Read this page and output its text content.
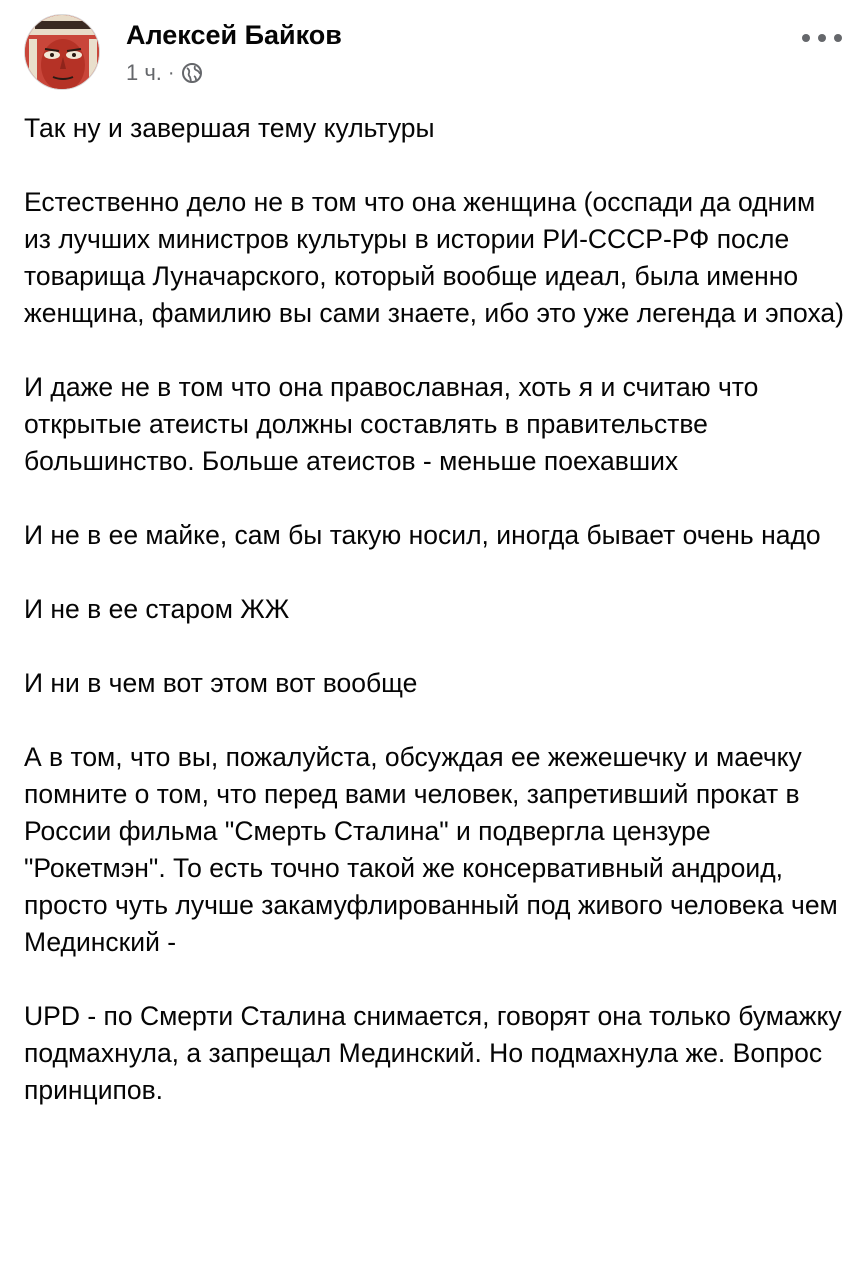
Алексей Байков
1 ч. ·

Так ну и завершая тему культуры

Естественно дело не в том что она женщина (осспади да одним из лучших министров культуры в истории РИ-СССР-РФ после товарища Луначарского, который вообще идеал, была именно женщина, фамилию вы сами знаете, ибо это уже легенда и эпоха)

И даже не в том что она православная, хоть я и считаю что открытые атеисты должны составлять в правительстве большинство. Больше атеистов - меньше поехавших

И не в ее майке, сам бы такую носил, иногда бывает очень надо

И не в ее старом ЖЖ

И ни в чем вот этом вот вообще

А в том, что вы, пожалуйста, обсуждая ее жежешечку и маечку помните о том, что перед вами человек, запретивший прокат в России фильма "Смерть Сталина" и подвергла цензуре "Рокетмэн". То есть точно такой же консервативный андроид, просто чуть лучше закамуфлированный под живого человека чем Мединский -

UPD - по Смерти Сталина снимается, говорят она только бумажку подмахнула, а запрещал Мединский. Но подмахнула же. Вопрос принципов.
